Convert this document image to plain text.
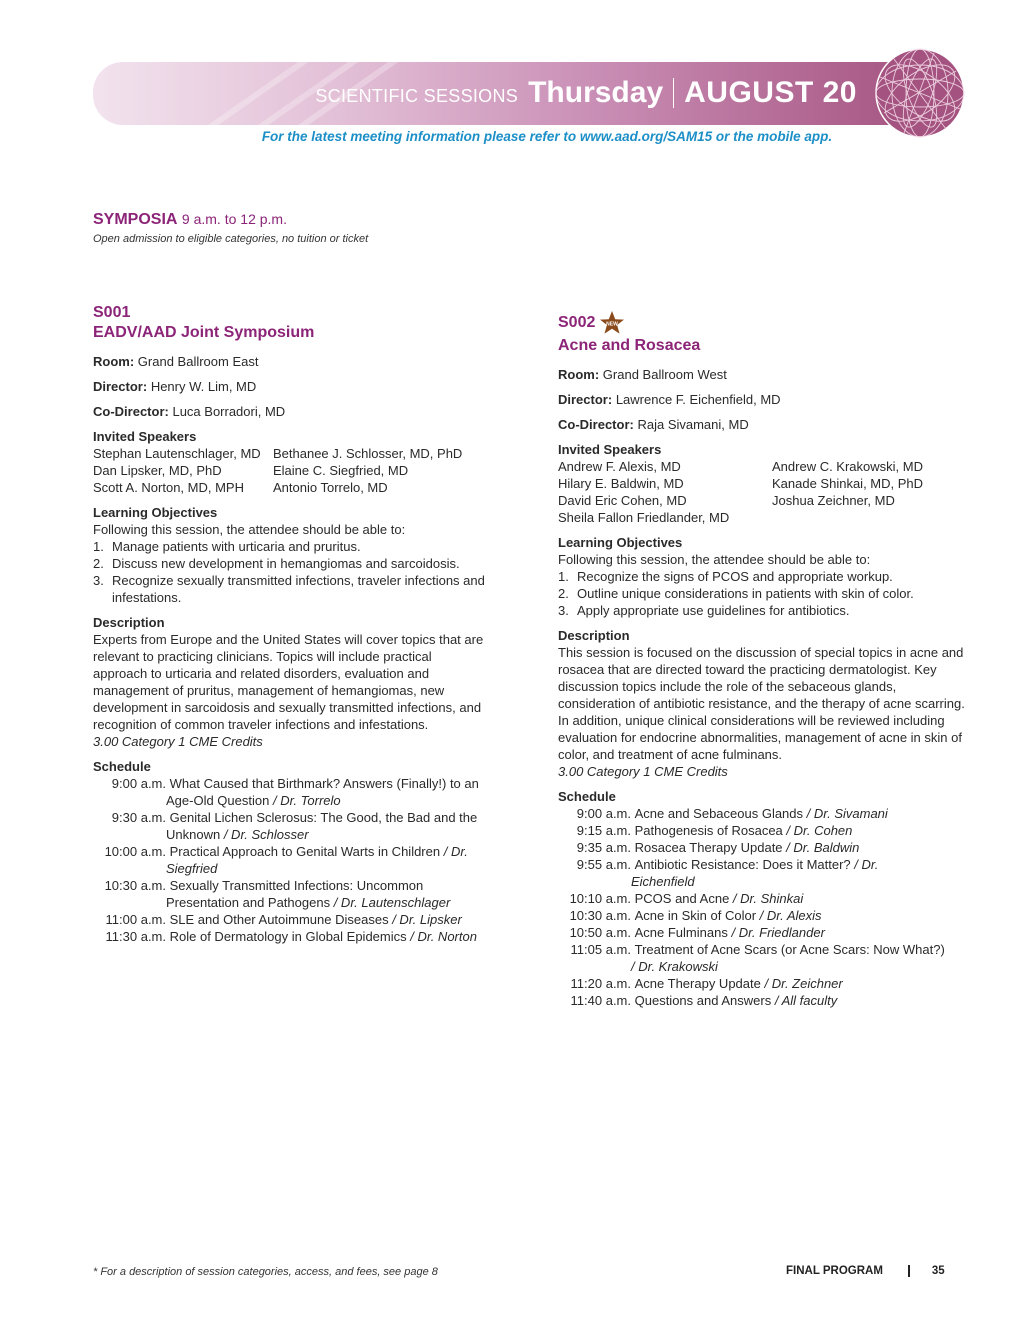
SCIENTIFIC SESSIONS Thursday AUGUST 20
For the latest meeting information please refer to www.aad.org/SAM15 or the mobile app.
SYMPOSIA 9 a.m. to 12 p.m.
Open admission to eligible categories, no tuition or ticket
S001
EADV/AAD Joint Symposium
Room: Grand Ballroom East
Director: Henry W. Lim, MD
Co-Director: Luca Borradori, MD
Invited Speakers
Stephan Lautenschlager, MD Bethanee J. Schlosser, MD, PhD
Dan Lipsker, MD, PhD	Elaine C. Siegfried, MD
Scott A. Norton, MD, MPH	Antonio Torrelo, MD
Learning Objectives
Following this session, the attendee should be able to:
1. Manage patients with urticaria and pruritus.
2. Discuss new development in hemangiomas and sarcoidosis.
3. Recognize sexually transmitted infections, traveler infections and infestations.
Description
Experts from Europe and the United States will cover topics that are relevant to practicing clinicians. Topics will include practical approach to urticaria and related disorders, evaluation and management of pruritus, management of hemangiomas, new development in sarcoidosis and sexually transmitted infections, and recognition of common traveler infections and infestations.
3.00 Category 1 CME Credits
Schedule
9:00 a.m. What Caused that Birthmark? Answers (Finally!) to an Age-Old Question / Dr. Torrelo
9:30 a.m. Genital Lichen Sclerosus: The Good, the Bad and the Unknown / Dr. Schlosser
10:00 a.m. Practical Approach to Genital Warts in Children / Dr. Siegfried
10:30 a.m. Sexually Transmitted Infections: Uncommon Presentation and Pathogens / Dr. Lautenschlager
11:00 a.m. SLE and Other Autoimmune Diseases / Dr. Lipsker
11:30 a.m. Role of Dermatology in Global Epidemics / Dr. Norton
S002 NEW
Acne and Rosacea
Room: Grand Ballroom West
Director: Lawrence F. Eichenfield, MD
Co-Director: Raja Sivamani, MD
Invited Speakers
Andrew F. Alexis, MD	Andrew C. Krakowski, MD
Hilary E. Baldwin, MD	Kanade Shinkai, MD, PhD
David Eric Cohen, MD	Joshua Zeichner, MD
Sheila Fallon Friedlander, MD
Learning Objectives
Following this session, the attendee should be able to:
1. Recognize the signs of PCOS and appropriate workup.
2. Outline unique considerations in patients with skin of color.
3. Apply appropriate use guidelines for antibiotics.
Description
This session is focused on the discussion of special topics in acne and rosacea that are directed toward the practicing dermatologist. Key discussion topics include the role of the sebaceous glands, consideration of antibiotic resistance, and the therapy of acne scarring. In addition, unique clinical considerations will be reviewed including evaluation for endocrine abnormalities, management of acne in skin of color, and treatment of acne fulminans.
3.00 Category 1 CME Credits
Schedule
9:00 a.m. Acne and Sebaceous Glands / Dr. Sivamani
9:15 a.m. Pathogenesis of Rosacea / Dr. Cohen
9:35 a.m. Rosacea Therapy Update / Dr. Baldwin
9:55 a.m. Antibiotic Resistance: Does it Matter? / Dr. Eichenfield
10:10 a.m. PCOS and Acne / Dr. Shinkai
10:30 a.m. Acne in Skin of Color / Dr. Alexis
10:50 a.m. Acne Fulminans / Dr. Friedlander
11:05 a.m. Treatment of Acne Scars (or Acne Scars: Now What?) / Dr. Krakowski
11:20 a.m. Acne Therapy Update / Dr. Zeichner
11:40 a.m. Questions and Answers / All faculty
* For a description of session categories, access, and fees, see page 8	FINAL PROGRAM	35
